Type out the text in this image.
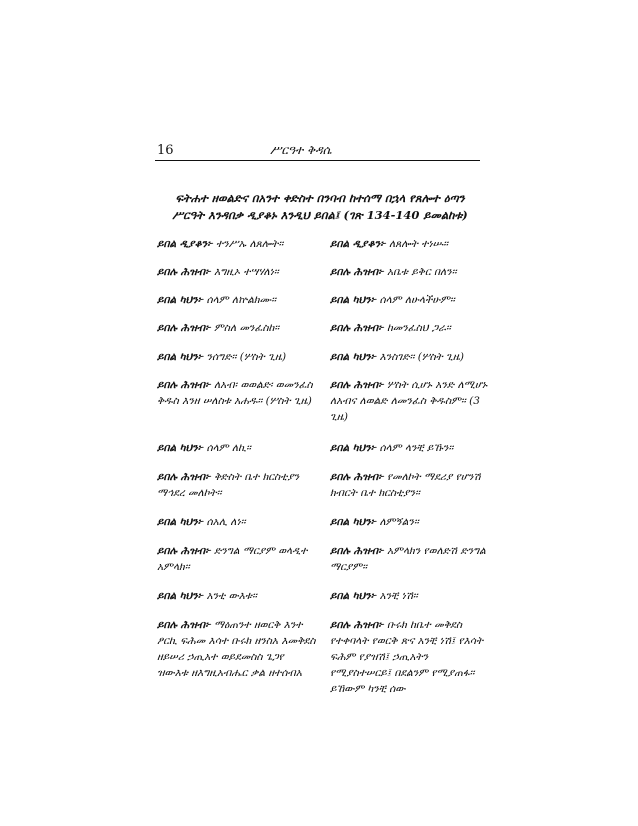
16	ሥርዓተ ቅዳሴ
ፍትሐተ ዘወልድና በአንተ ቀድስተ በንባብ ከተሰማ በኋላ የጸሎተ ዕጣን
ሥርዓት እንዳበቃ ዲያቆኑ እንዲህ ይበል፤ (ገጽ 134-140 ይመልከቱ)
ይበል ዲያቆን፦ ተንሥኡ ለጸሎት።
ይበሉ ሕዝብ፦ እግዚኦ ተሣሃለነ።
ይበል ካህን፦ ሰላም ለኵልክሙ።
ይበሉ ሕዝብ፦ ምስለ መንፈስከ።
ይበል ካህን፦ ንሰግድ። (ሦስት ጊዜ)
ይበሉ ሕዝብ፦ ለአብ፡ ወወልድ፡ ወመንፈስ ቅዱስ እንዘ ሠለስቱ አሐዱ። (ሦስት ጊዜ)
ይበል ካህን፦ ሰላም ለኪ።
ይበሉ ሕዝብ፦ ቅድስት ቤተ ክርስቲያን ማኅደረ መለኮት።
ይበል ካህን፦ ሰአሊ ለነ።
ይበሉ ሕዝብ፦ ድንግል ማርያም ወላዲተ አምላክ።
ይበል ካህን፦ አንቲ ውእቱ።
ይበሉ ሕዝብ፦ ማዕጠንተ ዘወርቅ እንተ ፆርኪ ፍሕመ እሳተ ቡሩክ ዘንስአ እመቅደስ ዘይሠሪ ኃጢአተ ወይደመስስ ጌጋየ ዝውእቱ ዘእግዚአብሔር ቃል ዘተሰብአ
ይበል ዲያቆን፦ ለጸሎት ተነሡ።
ይበሉ ሕዝብ፦ አቤቱ ይቅር በለን።
ይበል ካህን፦ ሰላም ለሁላችሁም።
ይበሉ ሕዝብ፦ ከመንፈስህ ጋራ።
ይበል ካህን፦ እንስገድ። (ሦስት ጊዜ)
ይበሉ ሕዝብ፦ ሦስት ሲሆኑ አንድ ለሚሆኑ ለአብና ለወልድ ለመንፈስ ቅዱስም። (3 ጊዜ)
ይበል ካህን፦ ሰላም ላንቺ ይኹን።
ይበሉ ሕዝብ፦ የመለኮት ማደሪያ የሆንሽ ክብርት ቤተ ክርስቲያን።
ይበል ካህን፦ ለምኝልን።
ይበሉ ሕዝብ፦ አምላክን የወለድሽ ድንግል ማርያም።
ይበል ካህን፦ አንቺ ነሽ።
ይበሉ ሕዝብ፦ ቡሩክ ከቤተ መቅደስ የተቀባላት የወርቅ ጽና አንቺ ነሽ፤ የእሳት ፍሕም የያዝሽ፤ ኃጢአትን የሚያስተሠርይ፤ በደልንም የሚያጠፋ። ይኸውም ካንቺ ሰው
